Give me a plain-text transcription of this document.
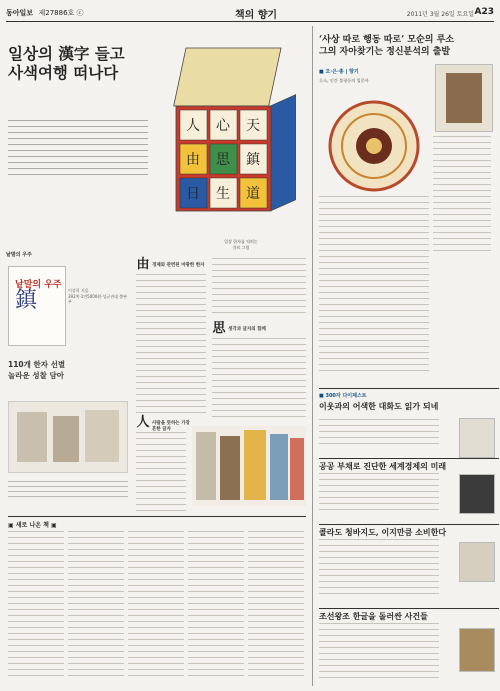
동아일보 제27886호 ⓒ	책의 향기	2011년 3월 26일 토요일 A23
일상의 漢字 들고
사색여행 떠나다
人 心 天
由 思 鎮
日 生 道
일상 한자를 익히는
큐브 그림
낱말의 우주
낱말의 우주
鎮	이상희 지음
392쪽·1만5000원·성균관대 출판부
110개 한자 선별
놀라운 성찰 담아
由 경제와 관련된 마땅한 한자
人 사람을 뜻하는 가장 흔한 글자
思 생각과 글자의 함께
▣ 새로 나온 책 ▣
‘사상 따로 행동 따로’ 모순의 루소
그의 자아찾기는 정신분석의 출발
■ 오·은·총 | 향기
루소, 인간 불평등의 입문자
■ 300자 다이제스트
이웃과의 어색한 대화도 읽가 되네
공공 부채로 진단한 세계경제의 미래
콜라도 청바지도, 이지만큼 소비한다
조선왕조 한글을 돌러싼 사건들
